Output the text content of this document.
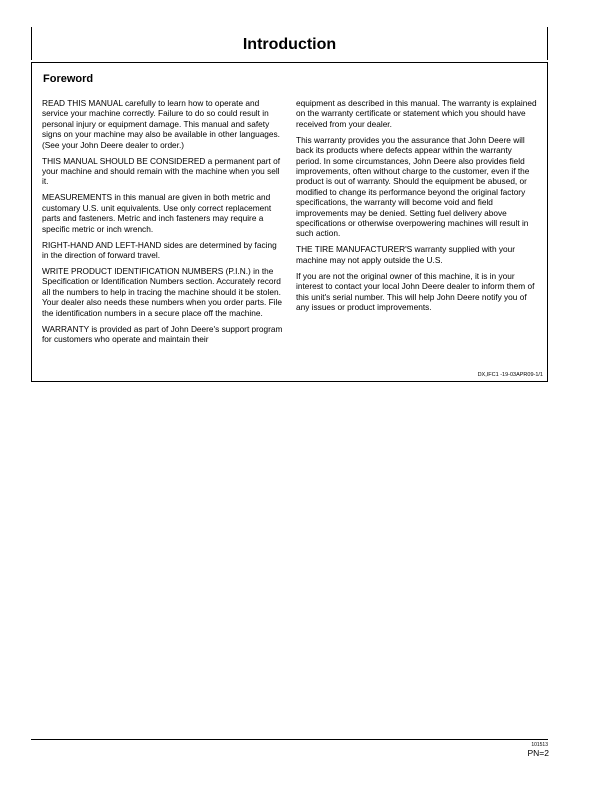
Introduction
Foreword

READ THIS MANUAL carefully to learn how to operate and service your machine correctly. Failure to do so could result in personal injury or equipment damage. This manual and safety signs on your machine may also be available in other languages. (See your John Deere dealer to order.)

THIS MANUAL SHOULD BE CONSIDERED a permanent part of your machine and should remain with the machine when you sell it.

MEASUREMENTS in this manual are given in both metric and customary U.S. unit equivalents. Use only correct replacement parts and fasteners. Metric and inch fasteners may require a specific metric or inch wrench.

RIGHT-HAND AND LEFT-HAND sides are determined by facing in the direction of forward travel.

WRITE PRODUCT IDENTIFICATION NUMBERS (P.I.N.) in the Specification or Identification Numbers section. Accurately record all the numbers to help in tracing the machine should it be stolen. Your dealer also needs these numbers when you order parts. File the identification numbers in a secure place off the machine.

WARRANTY is provided as part of John Deere's support program for customers who operate and maintain their

equipment as described in this manual. The warranty is explained on the warranty certificate or statement which you should have received from your dealer.

This warranty provides you the assurance that John Deere will back its products where defects appear within the warranty period. In some circumstances, John Deere also provides field improvements, often without charge to the customer, even if the product is out of warranty. Should the equipment be abused, or modified to change its performance beyond the original factory specifications, the warranty will become void and field improvements may be denied. Setting fuel delivery above specifications or otherwise overpowering machines will result in such action.

THE TIRE MANUFACTURER'S warranty supplied with your machine may not apply outside the U.S.

If you are not the original owner of this machine, it is in your interest to contact your local John Deere dealer to inform them of this unit's serial number. This will help John Deere notify you of any issues or product improvements.

DX,IFC1 -19-03APR09-1/1
101513
PN=2
